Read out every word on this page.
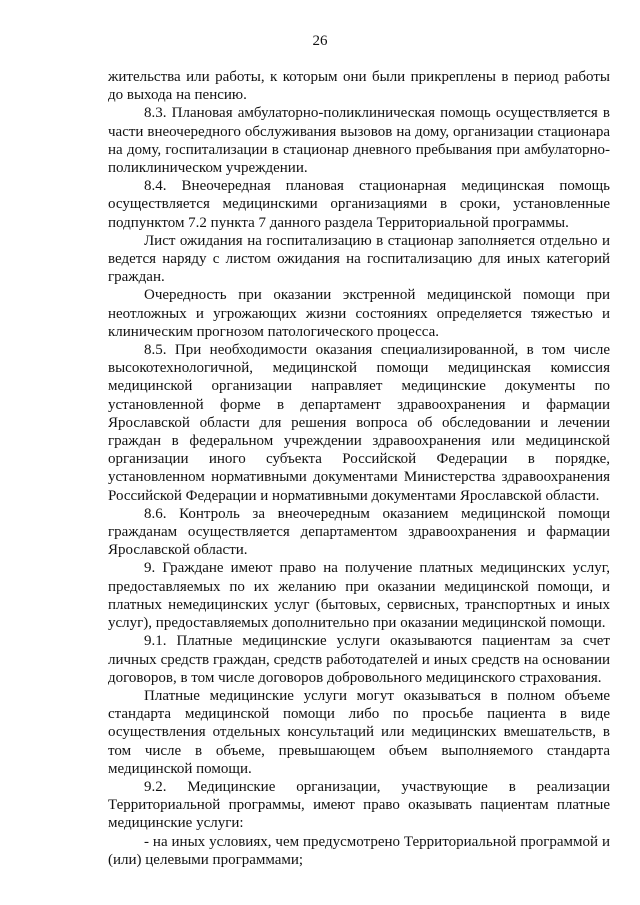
26

жительства или работы, к которым они были прикреплены в период работы до выхода на пенсию.

8.3. Плановая амбулаторно-поликлиническая помощь осуществляется в части внеочередного обслуживания вызовов на дому, организации стационара на дому, госпитализации в стационар дневного пребывания при амбулаторно-поликлиническом учреждении.

8.4. Внеочередная плановая стационарная медицинская помощь осуществляется медицинскими организациями в сроки, установленные подпунктом 7.2 пункта 7 данного раздела Территориальной программы.

Лист ожидания на госпитализацию в стационар заполняется отдельно и ведется наряду с листом ожидания на госпитализацию для иных категорий граждан.

Очередность при оказании экстренной медицинской помощи при неотложных и угрожающих жизни состояниях определяется тяжестью и клиническим прогнозом патологического процесса.

8.5. При необходимости оказания специализированной, в том числе высокотехнологичной, медицинской помощи медицинская комиссия медицинской организации направляет медицинские документы по установленной форме в департамент здравоохранения и фармации Ярославской области для решения вопроса об обследовании и лечении граждан в федеральном учреждении здравоохранения или медицинской организации иного субъекта Российской Федерации в порядке, установленном нормативными документами Министерства здравоохранения Российской Федерации и нормативными документами Ярославской области.

8.6. Контроль за внеочередным оказанием медицинской помощи гражданам осуществляется департаментом здравоохранения и фармации Ярославской области.

9. Граждане имеют право на получение платных медицинских услуг, предоставляемых по их желанию при оказании медицинской помощи, и платных немедицинских услуг (бытовых, сервисных, транспортных и иных услуг), предоставляемых дополнительно при оказании медицинской помощи.

9.1. Платные медицинские услуги оказываются пациентам за счет личных средств граждан, средств работодателей и иных средств на основании договоров, в том числе договоров добровольного медицинского страхования.

Платные медицинские услуги могут оказываться в полном объеме стандарта медицинской помощи либо по просьбе пациента в виде осуществления отдельных консультаций или медицинских вмешательств, в том числе в объеме, превышающем объем выполняемого стандарта медицинской помощи.

9.2. Медицинские организации, участвующие в реализации Территориальной программы, имеют право оказывать пациентам платные медицинские услуги:

- на иных условиях, чем предусмотрено Территориальной программой и (или) целевыми программами;
